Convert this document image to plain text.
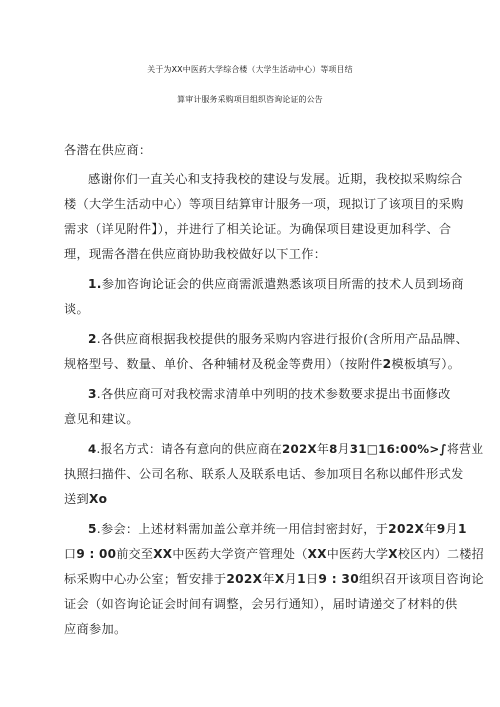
关于为XX中医药大学综合楼（大学生活动中心）等项目结
算审计服务采购项目组织咨询论证的公告
各潜在供应商：
感谢你们一直关心和支持我校的建设与发展。近期，我校拟采购综合
楼（大学生活动中心）等项目结算审计服务一项，现拟订了该项目的采购
需求（详见附件】），并进行了相关论证。为确保项目建设更加科学、合
理，现需各潜在供应商协助我校做好以下工作：
1.参加咨询论证会的供应商需派遣熟悉该项目所需的技术人员到场商
谈。
2.各供应商根据我校提供的服务采购内容进行报价(含所用产品品牌、
规格型号、数量、单价、各种辅材及税金等费用）（按附件2模板填写）。
3.各供应商可对我校需求清单中列明的技术参数要求提出书面修改
意见和建议。
4.报名方式：请各有意向的供应商在202X年8月31□16:00%>∫将营业
执照扫描件、公司名称、联系人及联系电话、参加项目名称以邮件形式发
送到Xo
5.参会：上述材料需加盖公章并统一用信封密封好，于202X年9月1
口9 : 00前交至XX中医药大学资产管理处（XX中医药大学X校区内）二楼招
标采购中心办公室；暂安排于202X年X月1日9 : 30组织召开该项目咨询论
证会（如咨询论证会时间有调整，会另行通知），届时请递交了材料的供
应商参加。
